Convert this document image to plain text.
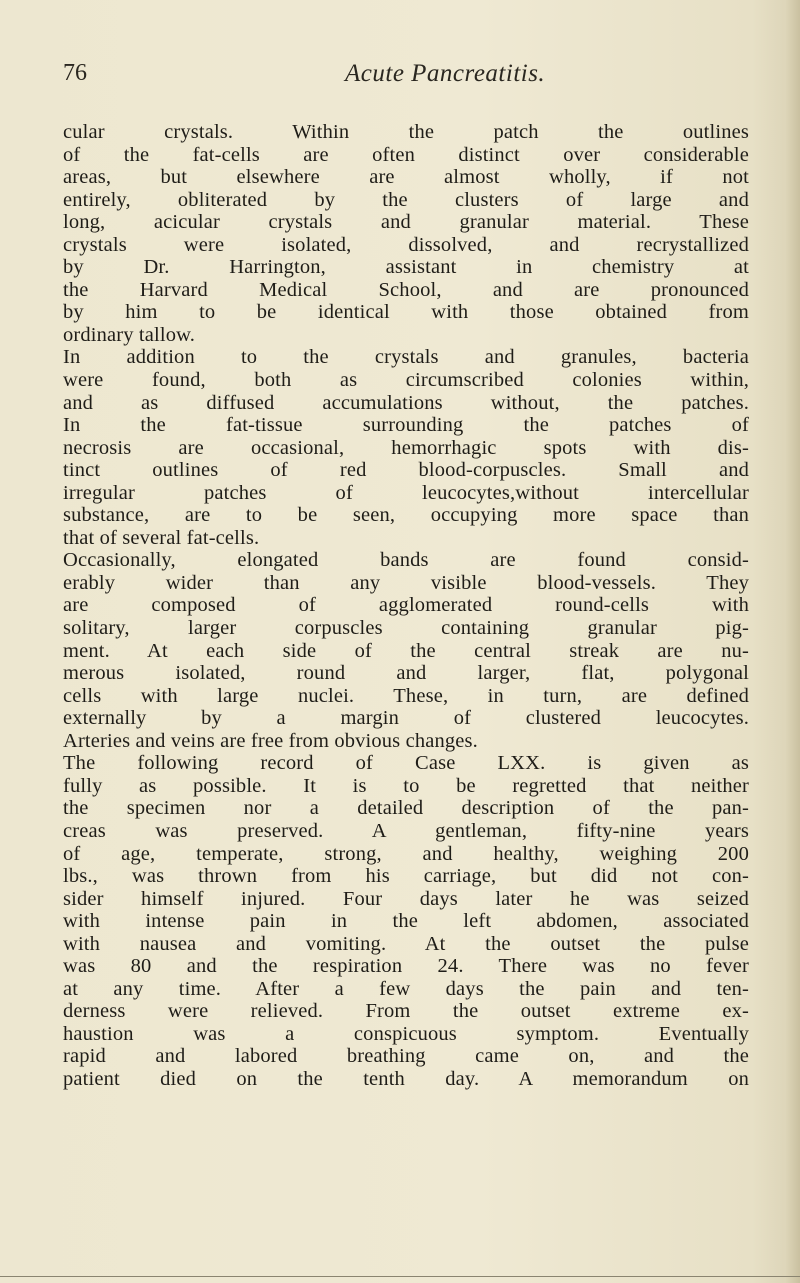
76	Acute Pancreatitis.
cular crystals. Within the patch the outlines
of the fat-cells are often distinct over considerable
areas, but elsewhere are almost wholly, if not
entirely, obliterated by the clusters of large and
long, acicular crystals and granular material. These
crystals were isolated, dissolved, and recrystallized
by Dr. Harrington, assistant in chemistry at
the Harvard Medical School, and are pronounced
by him to be identical with those obtained from
ordinary tallow.
In addition to the crystals and granules, bacteria
were found, both as circumscribed colonies within,
and as diffused accumulations without, the patches.
In the fat-tissue surrounding the patches of
necrosis are occasional, hemorrhagic spots with dis-
tinct outlines of red blood-corpuscles. Small and
irregular patches of leucocytes,without intercellular
substance, are to be seen, occupying more space than
that of several fat-cells.
Occasionally, elongated bands are found consid-
erably wider than any visible blood-vessels. They
are composed of agglomerated round-cells with
solitary, larger corpuscles containing granular pig-
ment. At each side of the central streak are nu-
merous isolated, round and larger, flat, polygonal
cells with large nuclei. These, in turn, are defined
externally by a margin of clustered leucocytes.
Arteries and veins are free from obvious changes.
The following record of Case LXX. is given as
fully as possible. It is to be regretted that neither
the specimen nor a detailed description of the pan-
creas was preserved. A gentleman, fifty-nine years
of age, temperate, strong, and healthy, weighing 200
lbs., was thrown from his carriage, but did not con-
sider himself injured. Four days later he was seized
with intense pain in the left abdomen, associated
with nausea and vomiting. At the outset the pulse
was 80 and the respiration 24. There was no fever
at any time. After a few days the pain and ten-
derness were relieved. From the outset extreme ex-
haustion was a conspicuous symptom. Eventually
rapid and labored breathing came on, and the
patient died on the tenth day. A memorandum on
